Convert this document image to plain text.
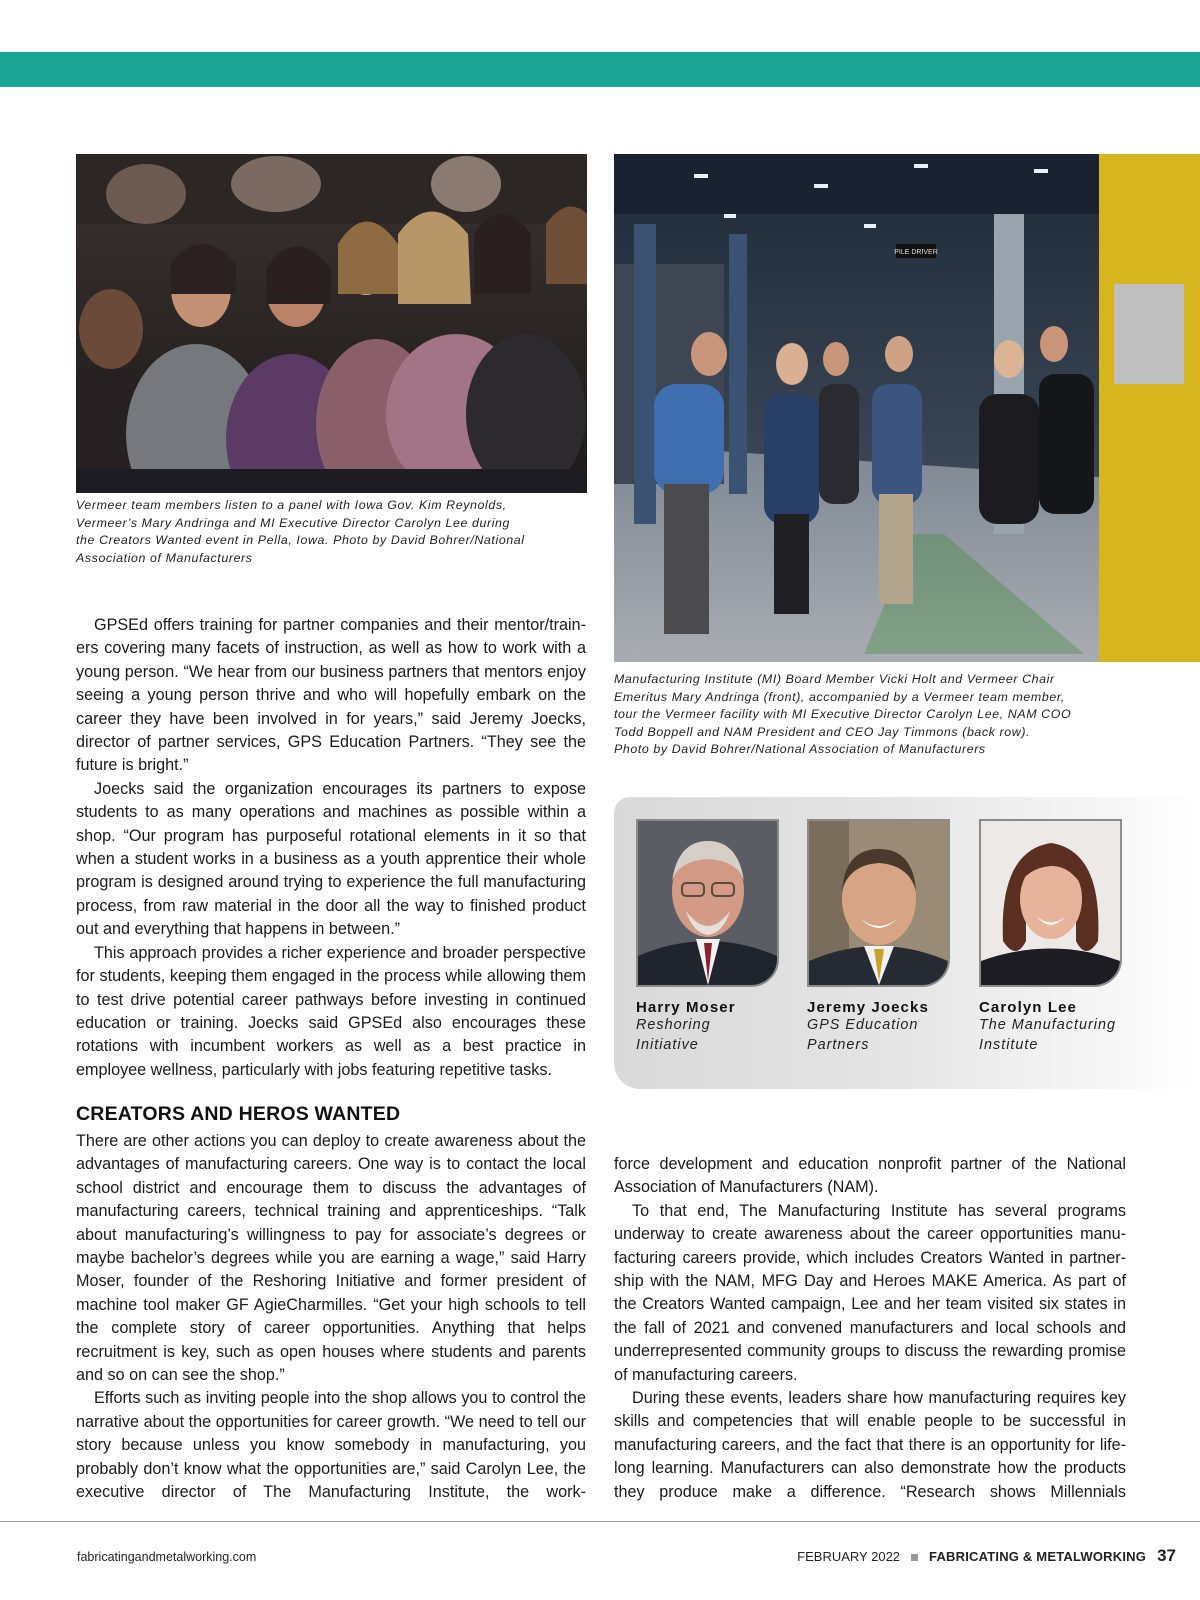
Vermeer team members listen to a panel with Iowa Gov. Kim Reynolds,
Vermeer’s Mary Andringa and MI Executive Director Carolyn Lee during
the Creators Wanted event in Pella, Iowa. Photo by David Bohrer/National
Association of Manufacturers
PILE DRIVER
Manufacturing Institute (MI) Board Member Vicki Holt and Vermeer Chair
Emeritus Mary Andringa (front), accompanied by a Vermeer team member,
tour the Vermeer facility with MI Executive Director Carolyn Lee, NAM COO
Todd Boppell and NAM President and CEO Jay Timmons (back row).
Photo by David Bohrer/National Association of Manufacturers

GPSEd offers training for partner companies and their mentor/trainers covering many facets of instruction, as well as how to work with a young person. “We hear from our business partners that mentors enjoy seeing a young person thrive and who will hopefully embark on the career they have been involved in for years,” said Jeremy Joecks, director of partner services, GPS Education Partners. “They see the future is bright.”

Joecks said the organization encourages its partners to expose students to as many operations and machines as possible within a shop. “Our program has purposeful rotational elements in it so that when a student works in a business as a youth apprentice their whole program is designed around trying to experience the full manufacturing process, from raw material in the door all the way to finished product out and everything that happens in between.”

This approach provides a richer experience and broader perspective for students, keeping them engaged in the process while allowing them to test drive potential career pathways before investing in continued education or training. Joecks said GPSEd also encourages these rotations with incumbent workers as well as a best practice in employee wellness, particularly with jobs featuring repetitive tasks.

Harry Moser
Reshoring
Initiative
Jeremy Joecks
GPS Education
Partners
Carolyn Lee
The Manufacturing
Institute
CREATORS AND HEROS WANTED

There are other actions you can deploy to create awareness about the advantages of manufacturing careers. One way is to contact the local school district and encourage them to discuss the advantages of manufacturing careers, technical training and apprenticeships. “Talk about manufacturing’s willingness to pay for associate’s degrees or maybe bachelor’s degrees while you are earning a wage,” said Harry Moser, founder of the Reshoring Initiative and former president of machine tool maker GF AgieCharmilles. “Get your high schools to tell the complete story of career opportunities. Anything that helps recruitment is key, such as open houses where students and parents and so on can see the shop.”

Efforts such as inviting people into the shop allows you to control the narrative about the opportunities for career growth. “We need to tell our story because unless you know somebody in manufacturing, you probably don’t know what the opportunities are,” said Carolyn Lee, the executive director of The Manufacturing Institute, the work-

force development and education nonprofit partner of the National Association of Manufacturers (NAM).

To that end, The Manufacturing Institute has several programs underway to create awareness about the career opportunities manufacturing careers provide, which includes Creators Wanted in partnership with the NAM, MFG Day and Heroes MAKE America. As part of the Creators Wanted campaign, Lee and her team visited six states in the fall of 2021 and convened manufacturers and local schools and underrepresented community groups to discuss the rewarding promise of manufacturing careers.

During these events, leaders share how manufacturing requires key skills and competencies that will enable people to be successful in manufacturing careers, and the fact that there is an opportunity for life-long learning. Manufacturers can also demonstrate how the products they produce make a difference. “Research shows Millennials

fabricatingandmetalworking.com	FEBRUARY 2022 FABRICATING & METALWORKING 37
